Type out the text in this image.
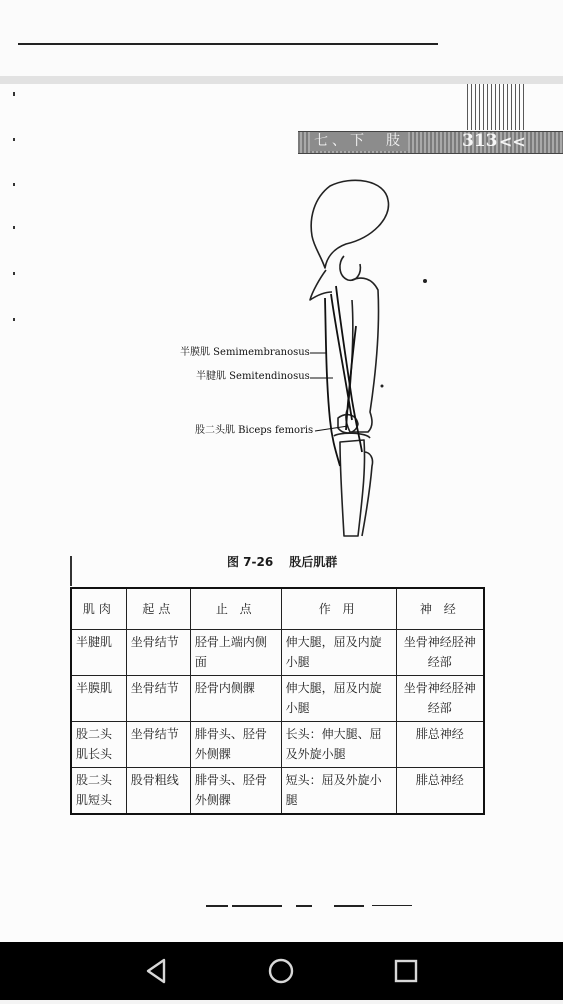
七、下　肢	313 <<
半膜肌 Semimembranosus
半腱肌 Semitendinosus
股二头肌 Biceps femoris
图 7-26 股后肌群
肌肉	起点	止 点	作 用	神 经
半腱肌	坐骨结节	胫骨上端内侧面	伸大腿，屈及内旋小腿	坐骨神经胫神经部
半膜肌	坐骨结节	胫骨内侧髁	伸大腿，屈及内旋小腿	坐骨神经胫神经部
股二头肌长头	坐骨结节	腓骨头、胫骨外侧髁	长头：伸大腿、屈及外旋小腿	腓总神经
股二头肌短头	股骨粗线	腓骨头、胫骨外侧髁	短头：屈及外旋小腿	腓总神经
